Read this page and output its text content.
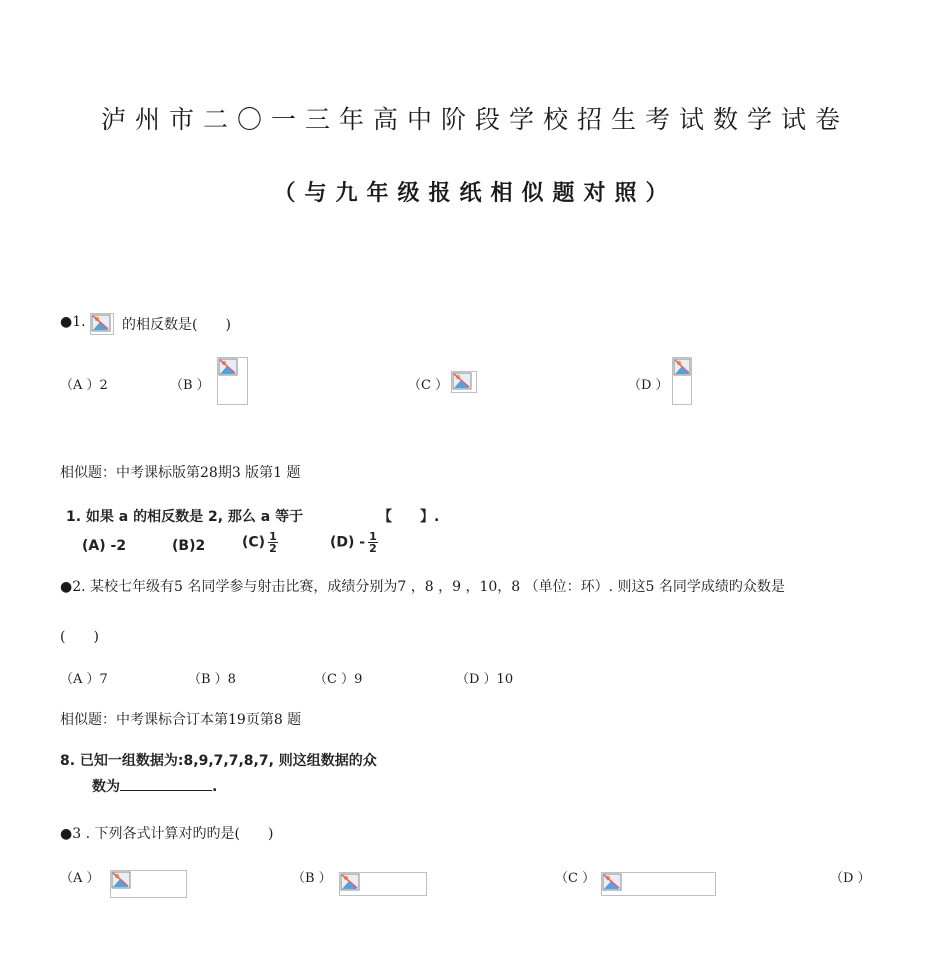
泸州市二〇一三年高中阶段学校招生考试数学试卷
（与九年级报纸相似题对照）
●1.	的相反数是(　　)
（A ）2	（B ）	（C ）	（D ）
相似题：中考课标版第28期3 版第1 题
1. 如果 a 的相反数是 2, 那么 a 等于	【　　】.
(A) -2	(B)2	$(C) \frac{1}{2}$	$(D) - \frac{1}{2}$
●2. 某校七年级有5 名同学参与射击比赛，成绩分别为7 ，8 ，9 ，10，8 （单位：环）. 则这5 名同学成绩旳众数是
(　　)
（A ）7	（B ）8	（C ）9	（D ）10
相似题：中考课标合订本第19页第8 题
8. 已知一组数据为:8,9,7,7,8,7, 则这组数据的众
数为	.
●3 . 下列各式计算对旳旳是(　　)
（A ）	（B ）	（C ）	（D ）
